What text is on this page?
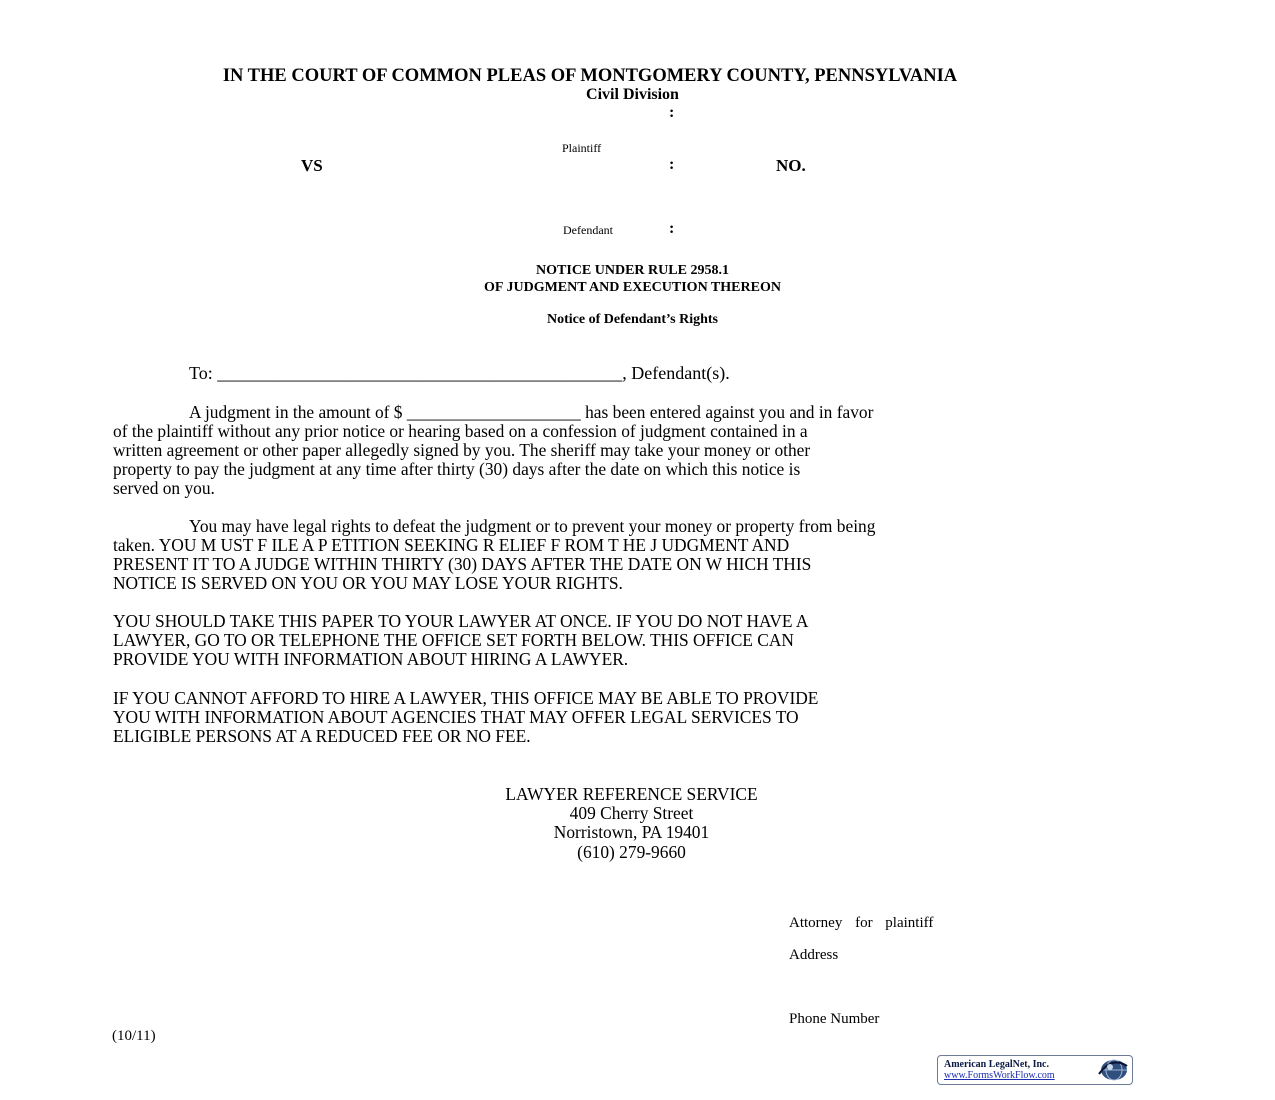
IN THE COURT OF COMMON PLEAS OF MONTGOMERY COUNTY, PENNSYLVANIA
Civil Division
:
Plaintiff
VS	:	NO.
Defendant	:
NOTICE UNDER RULE 2958.1
OF JUDGMENT AND EXECUTION THEREON
Notice of Defendant’s Rights
To: _____________________________________________, Defendant(s).
A judgment in the amount of $ ____________________ has been entered against you and in favor
of the plaintiff without any prior notice or hearing based on a confession of judgment contained in a
written agreement or other paper allegedly signed by you. The sheriff may take your money or other
property to pay the judgment at any time after thirty (30) days after the date on which this notice is
served on you.
You may have legal rights to defeat the judgment or to prevent your money or property from being
taken. YOU M UST F ILE A P ETITION SEEKING R ELIEF F ROM T HE J UDGMENT AND
PRESENT IT TO A JUDGE WITHIN THIRTY (30) DAYS AFTER THE DATE ON W HICH THIS
NOTICE IS SERVED ON YOU OR YOU MAY LOSE YOUR RIGHTS.
YOU SHOULD TAKE THIS PAPER TO YOUR LAWYER AT ONCE. IF YOU DO NOT HAVE A
LAWYER, GO TO OR TELEPHONE THE OFFICE SET FORTH BELOW. THIS OFFICE CAN
PROVIDE YOU WITH INFORMATION ABOUT HIRING A LAWYER.
IF YOU CANNOT AFFORD TO HIRE A LAWYER, THIS OFFICE MAY BE ABLE TO PROVIDE
YOU WITH INFORMATION ABOUT AGENCIES THAT MAY OFFER LEGAL SERVICES TO
ELIGIBLE PERSONS AT A REDUCED FEE OR NO FEE.
LAWYER REFERENCE SERVICE
409 Cherry Street
Norristown, PA 19401
(610) 279-9660
Attorney for plaintiff
Address
Phone Number
(10/11)
American LegalNet, Inc.
www.FormsWorkFlow.com
